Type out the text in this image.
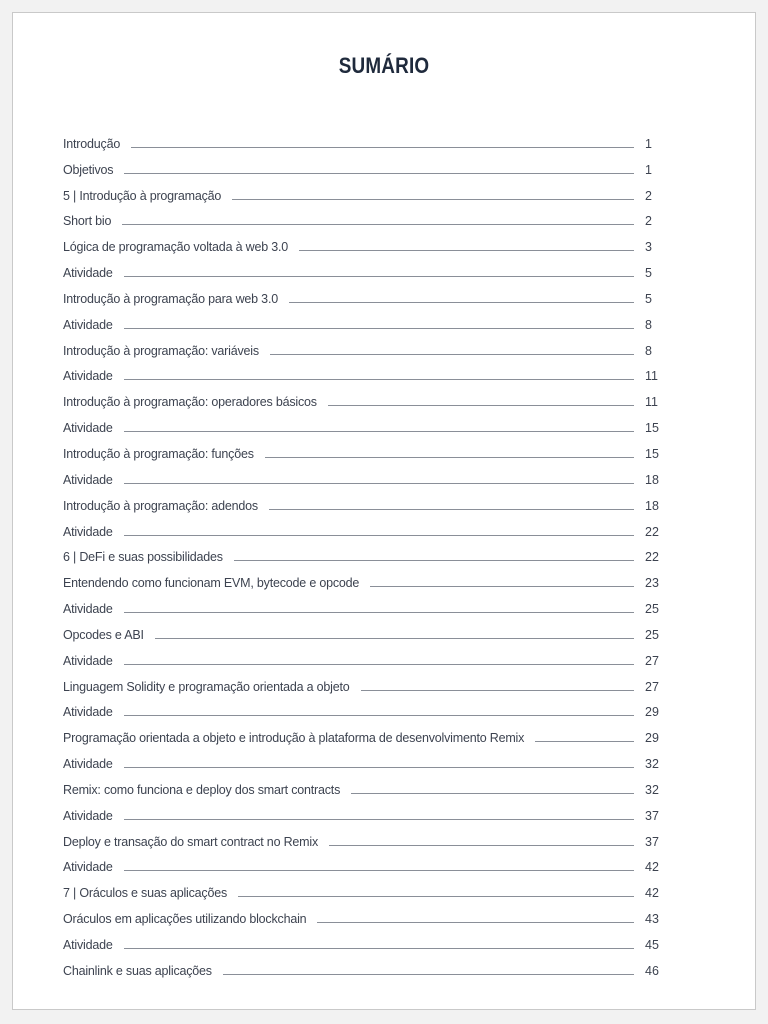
SUMÁRIO
Introdução	1
Objetivos	1
5 | Introdução à programação	2
Short bio	2
Lógica de programação voltada à web 3.0	3
Atividade	5
Introdução à programação para web 3.0	5
Atividade	8
Introdução à programação: variáveis	8
Atividade	11
Introdução à programação: operadores básicos	11
Atividade	15
Introdução à programação: funções	15
Atividade	18
Introdução à programação: adendos	18
Atividade	22
6 | DeFi e suas possibilidades	22
Entendendo como funcionam EVM, bytecode e opcode	23
Atividade	25
Opcodes e ABI	25
Atividade	27
Linguagem Solidity e programação orientada a objeto	27
Atividade	29
Programação orientada a objeto e introdução à plataforma de desenvolvimento Remix	29
Atividade	32
Remix: como funciona e deploy dos smart contracts	32
Atividade	37
Deploy e transação do smart contract no Remix	37
Atividade	42
7 | Oráculos e suas aplicações	42
Oráculos em aplicações utilizando blockchain	43
Atividade	45
Chainlink e suas aplicações	46
